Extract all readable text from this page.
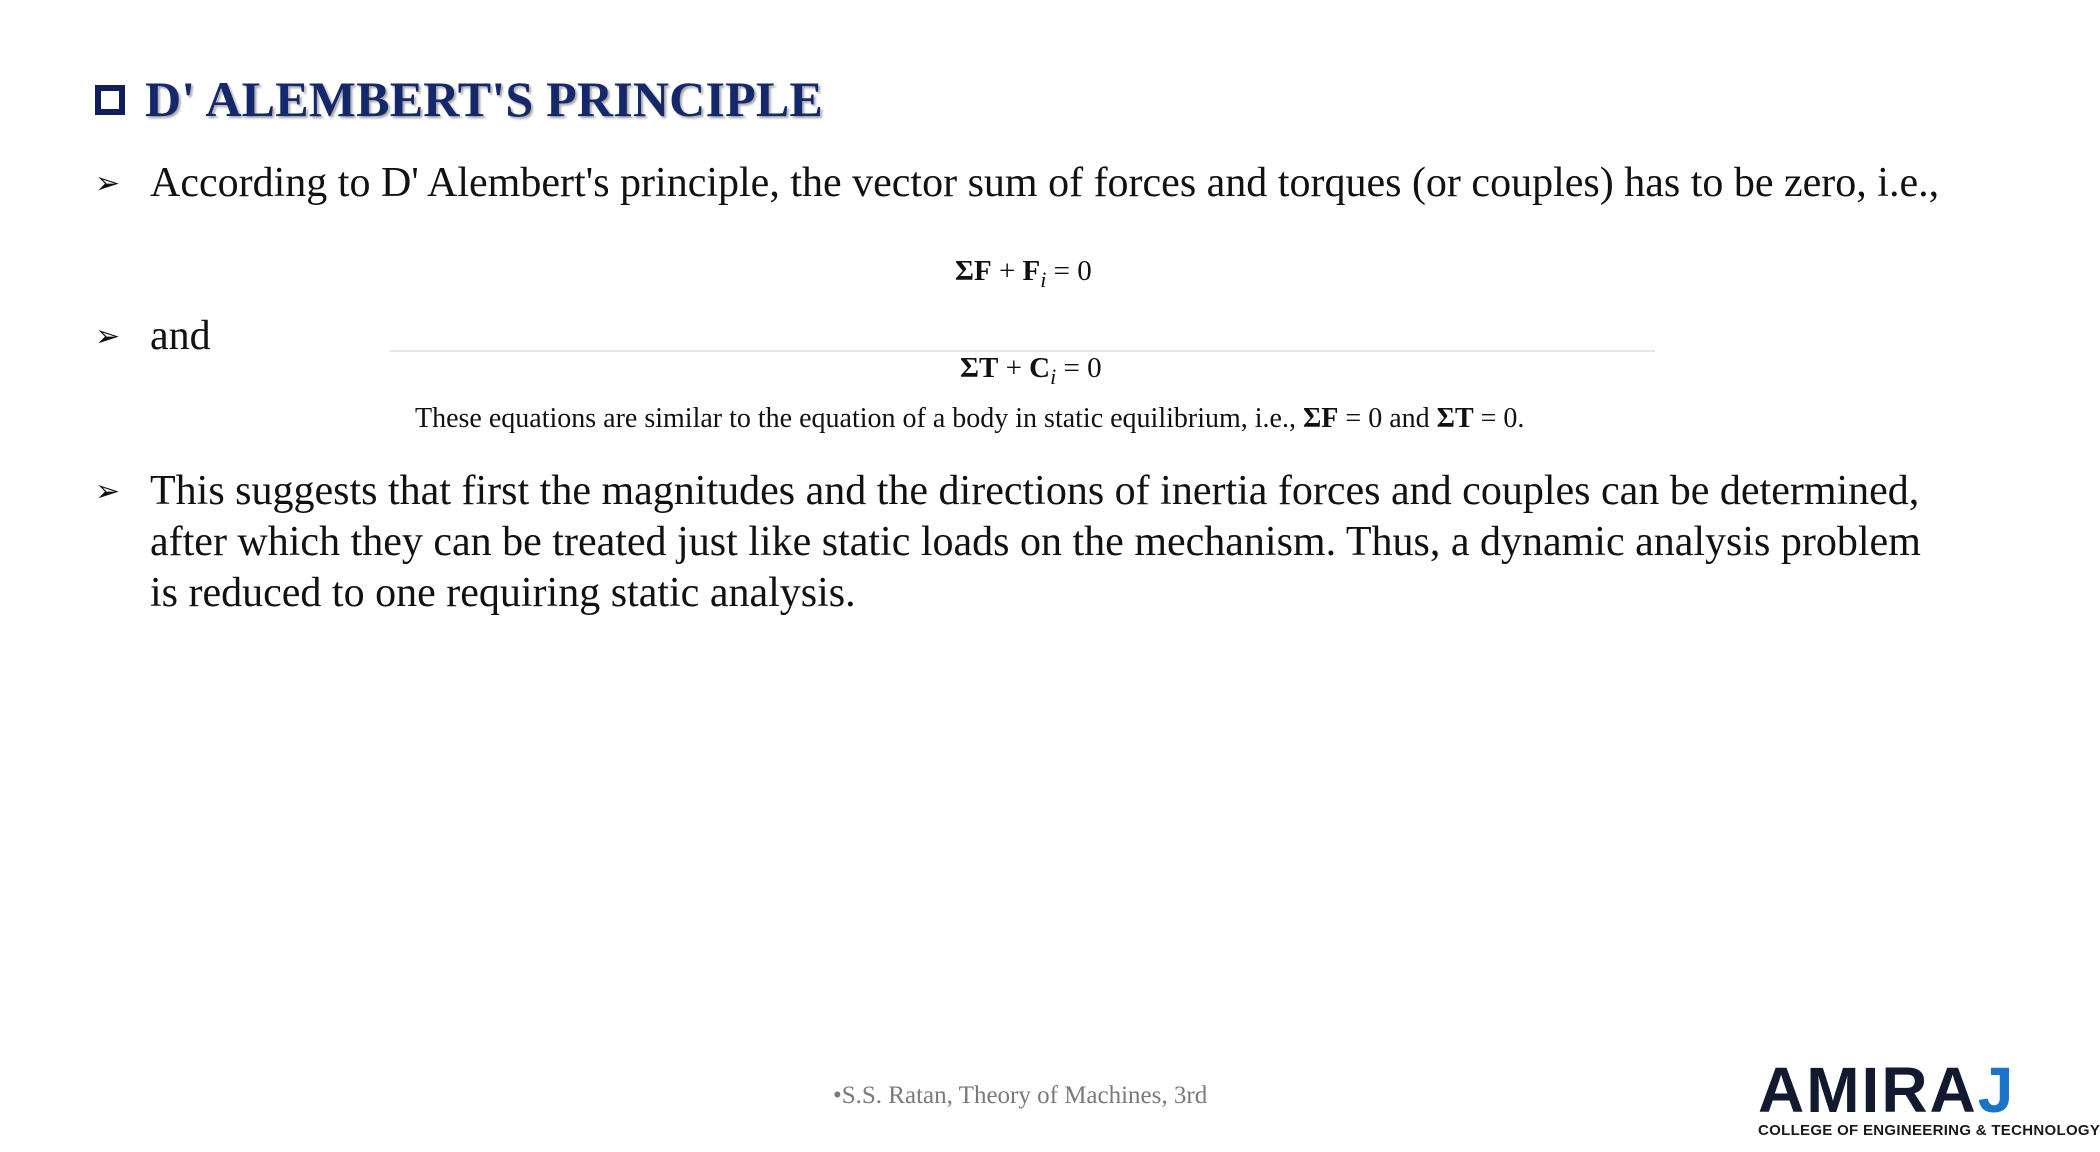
D' ALEMBERT'S PRINCIPLE
➢ According to D' Alembert's principle, the vector sum of forces and torques (or couples) has to be zero, i.e.,
$\Sigma F + F_i = 0$
➢ and
$\Sigma T + C_i = 0$
These equations are similar to the equation of a body in static equilibrium, i.e., ΣF = 0 and ΣT = 0.
➢ This suggests that first the magnitudes and the directions of inertia forces and couples can be determined, after which they can be treated just like static loads on the mechanism. Thus, a dynamic analysis problem is reduced to one requiring static analysis.
•S.S. Ratan, Theory of Machines, 3rd	AMIRA J
COLLEGE OF ENGINEERING & TECHNOLOGY
